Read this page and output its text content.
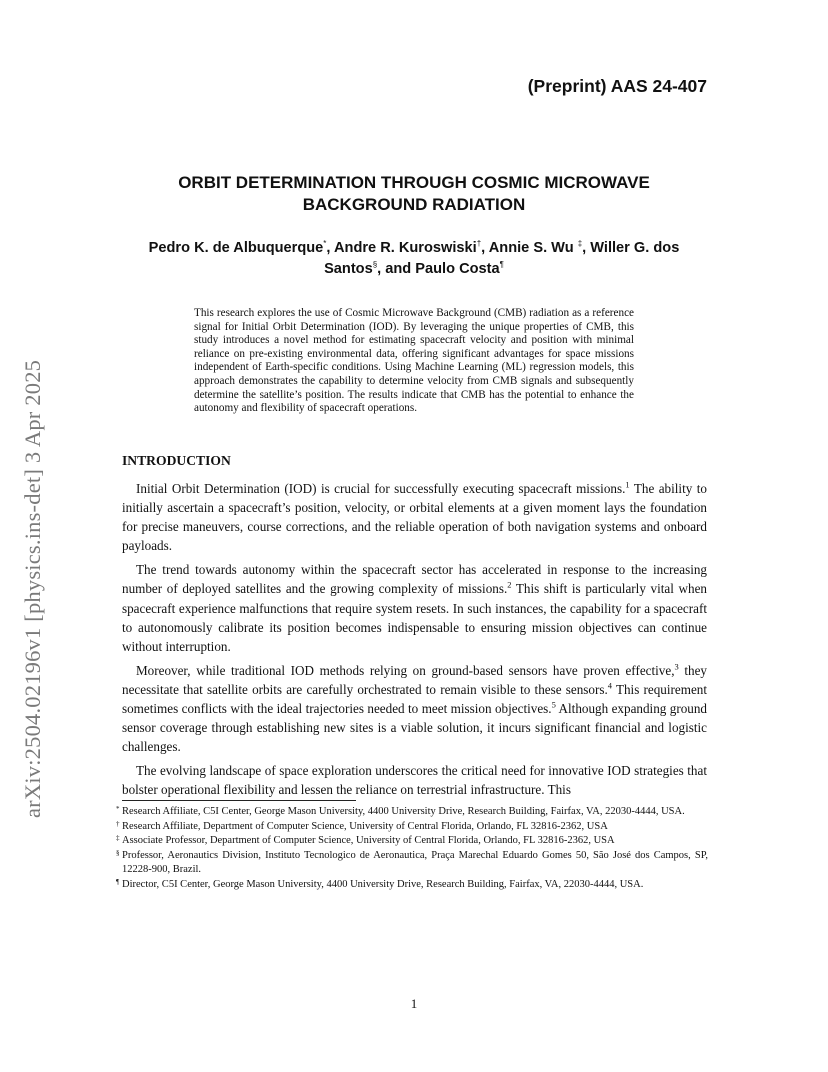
arXiv:2504.02196v1 [physics.ins-det] 3 Apr 2025
(Preprint) AAS 24-407
ORBIT DETERMINATION THROUGH COSMIC MICROWAVE
BACKGROUND RADIATION
Pedro K. de Albuquerque*, Andre R. Kuroswiski†, Annie S. Wu ‡, Willer G. dos
Santos§, and Paulo Costa¶
This research explores the use of Cosmic Microwave Background (CMB) radiation as a reference signal for Initial Orbit Determination (IOD). By leveraging the unique properties of CMB, this study introduces a novel method for estimating spacecraft velocity and position with minimal reliance on pre-existing environmental data, offering significant advantages for space missions independent of Earth-specific conditions. Using Machine Learning (ML) regression models, this approach demonstrates the capability to determine velocity from CMB signals and subsequently determine the satellite’s position. The results indicate that CMB has the potential to enhance the autonomy and flexibility of spacecraft operations.
INTRODUCTION

Initial Orbit Determination (IOD) is crucial for successfully executing spacecraft missions.$^1$ The ability to initially ascertain a spacecraft’s position, velocity, or orbital elements at a given moment lays the foundation for precise maneuvers, course corrections, and the reliable operation of both navigation systems and onboard payloads.

The trend towards autonomy within the spacecraft sector has accelerated in response to the increasing number of deployed satellites and the growing complexity of missions.$^2$ This shift is particularly vital when spacecraft experience malfunctions that require system resets. In such instances, the capability for a spacecraft to autonomously calibrate its position becomes indispensable to ensuring mission objectives can continue without interruption.

Moreover, while traditional IOD methods relying on ground-based sensors have proven effective,$^3$ they necessitate that satellite orbits are carefully orchestrated to remain visible to these sensors.$^4$ This requirement sometimes conflicts with the ideal trajectories needed to meet mission objectives.$^5$ Although expanding ground sensor coverage through establishing new sites is a viable solution, it incurs significant financial and logistic challenges.

The evolving landscape of space exploration underscores the critical need for innovative IOD strategies that bolster operational flexibility and lessen the reliance on terrestrial infrastructure. This

* Research Affiliate, C5I Center, George Mason University, 4400 University Drive, Research Building, Fairfax, VA, 22030-4444, USA.
† Research Affiliate, Department of Computer Science, University of Central Florida, Orlando, FL 32816-2362, USA
‡ Associate Professor, Department of Computer Science, University of Central Florida, Orlando, FL 32816-2362, USA
§ Professor, Aeronautics Division, Instituto Tecnologico de Aeronautica, Praça Marechal Eduardo Gomes 50, São José dos Campos, SP, 12228-900, Brazil.
¶ Director, C5I Center, George Mason University, 4400 University Drive, Research Building, Fairfax, VA, 22030-4444, USA.
1
